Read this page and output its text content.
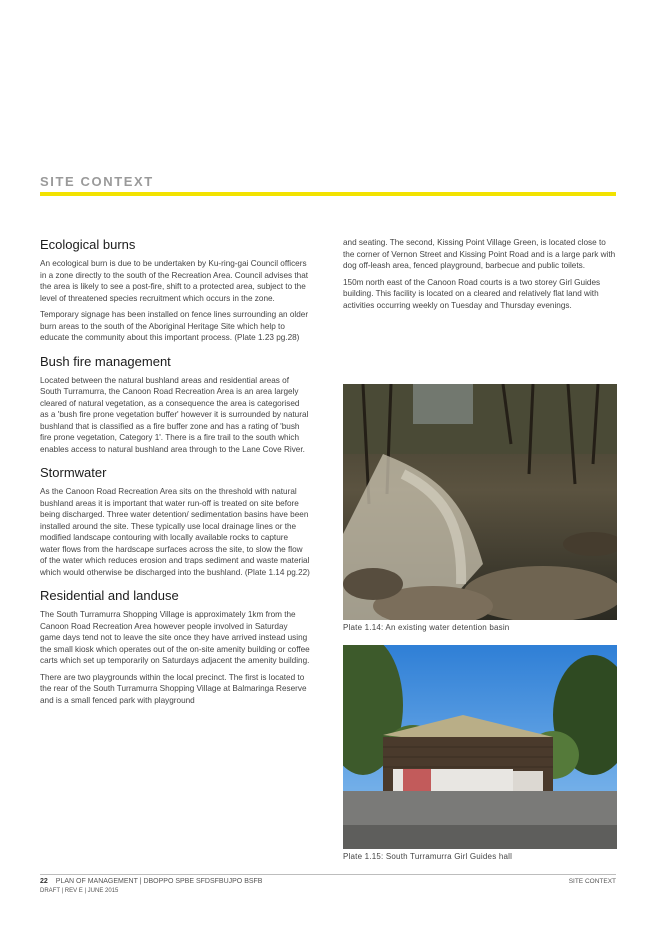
SITE CONTEXT
Ecological burns

An ecological burn is due to be undertaken by Ku-ring-gai Council officers in a zone directly to the south of the Recreation Area. Council advises that the area is likely to see a post-fire, shift to a protected area, subject to the level of threatened species recruitment which occurs in the zone.

Temporary signage has been installed on fence lines surrounding an older burn areas to the south of the Aboriginal Heritage Site which help to educate the community about this important process. (Plate 1.23 pg.28)

Bush fire management

Located between the natural bushland areas and residential areas of South Turramurra, the Canoon Road Recreation Area is an area largely cleared of natural vegetation, as a consequence the area is categorised as a 'bush fire prone vegetation buffer' however it is surrounded by natural bushland that is classified as a fire buffer zone and has a rating of 'bush fire prone vegetation, Category 1'. There is a fire trail to the south which enables access to natural bushland area through to the Lane Cove River.

Stormwater

As the Canoon Road Recreation Area sits on the threshold with natural bushland areas it is important that water run-off is treated on site before being discharged. Three water detention/ sedimentation basins have been installed around the site. These typically use local drainage lines or the modified landscape contouring with locally available rocks to capture water flows from the hardscape surfaces across the site, to slow the flow of the water which reduces erosion and traps sediment and waste material which would otherwise be discharged into the bushland. (Plate 1.14 pg.22)

Residential and landuse

The South Turramurra Shopping Village is approximately 1km from the Canoon Road Recreation Area however people involved in Saturday game days tend not to leave the site once they have arrived instead using the small kiosk which operates out of the on-site amenity building or coffee carts which set up temporarily on Saturdays adjacent the amenity building.

There are two playgrounds within the local precinct. The first is located to the rear of the South Turramurra Shopping Village at Balmaringa Reserve and is a small fenced park with playground

and seating. The second, Kissing Point Village Green, is located close to the corner of Vernon Street and Kissing Point Road and is a large park with dog off-leash area, fenced playground, barbecue and public toilets.

150m north east of the Canoon Road courts is a two storey Girl Guides building. This facility is located on a cleared and relatively flat land with activities occurring weekly on Tuesday and Thursday evenings.

Plate 1.14: An existing water detention basin
Plate 1.15: South Turramurra Girl Guides hall
22 PLAN OF MANAGEMENT | DBOPPO SPBE SFDSFBUJPO BSFB
DRAFT | REV E | JUNE 2015
SITE CONTEXT
